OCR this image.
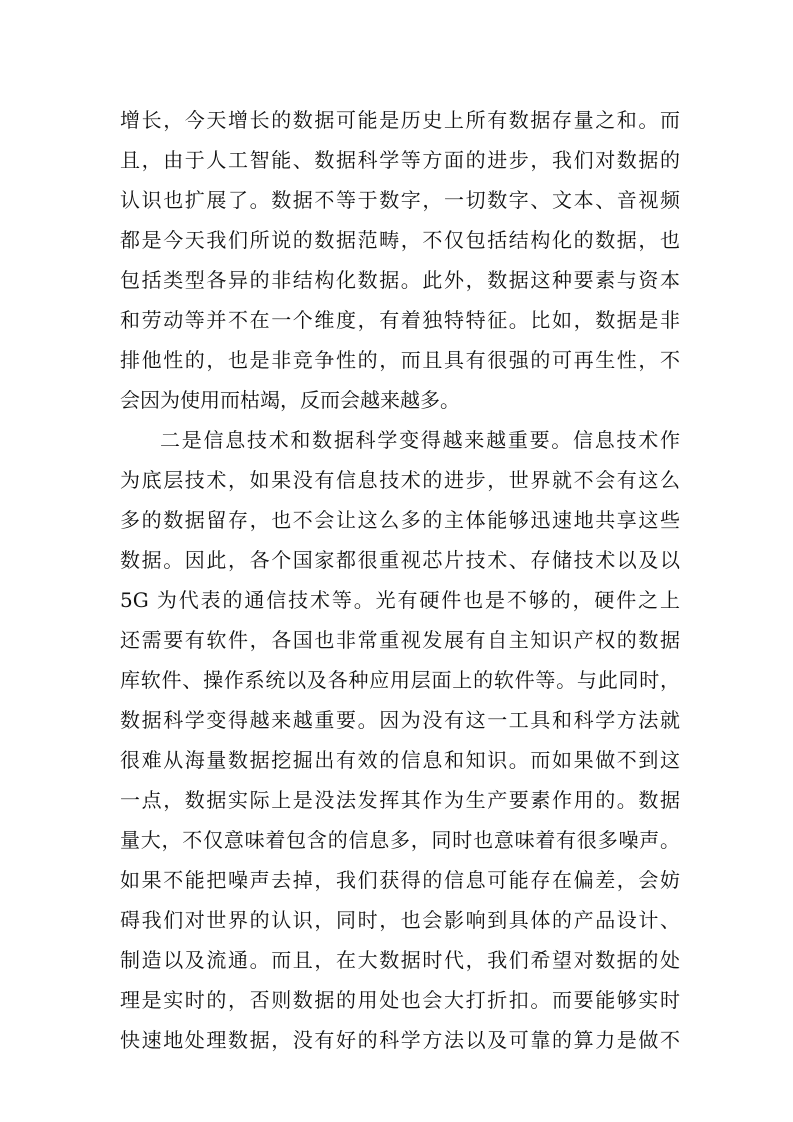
增长，今天增长的数据可能是历史上所有数据存量之和。而
且，由于人工智能、数据科学等方面的进步，我们对数据的
认识也扩展了。数据不等于数字，一切数字、文本、音视频
都是今天我们所说的数据范畴，不仅包括结构化的数据，也
包括类型各异的非结构化数据。此外，数据这种要素与资本
和劳动等并不在一个维度，有着独特特征。比如，数据是非
排他性的，也是非竞争性的，而且具有很强的可再生性，不
会因为使用而枯竭，反而会越来越多。
二是信息技术和数据科学变得越来越重要。信息技术作
为底层技术，如果没有信息技术的进步，世界就不会有这么
多的数据留存，也不会让这么多的主体能够迅速地共享这些
数据。因此，各个国家都很重视芯片技术、存储技术以及以
5G 为代表的通信技术等。光有硬件也是不够的，硬件之上
还需要有软件，各国也非常重视发展有自主知识产权的数据
库软件、操作系统以及各种应用层面上的软件等。与此同时，
数据科学变得越来越重要。因为没有这一工具和科学方法就
很难从海量数据挖掘出有效的信息和知识。而如果做不到这
一点，数据实际上是没法发挥其作为生产要素作用的。数据
量大，不仅意味着包含的信息多，同时也意味着有很多噪声。
如果不能把噪声去掉，我们获得的信息可能存在偏差，会妨
碍我们对世界的认识，同时，也会影响到具体的产品设计、
制造以及流通。而且，在大数据时代，我们希望对数据的处
理是实时的，否则数据的用处也会大打折扣。而要能够实时
快速地处理数据，没有好的科学方法以及可靠的算力是做不
